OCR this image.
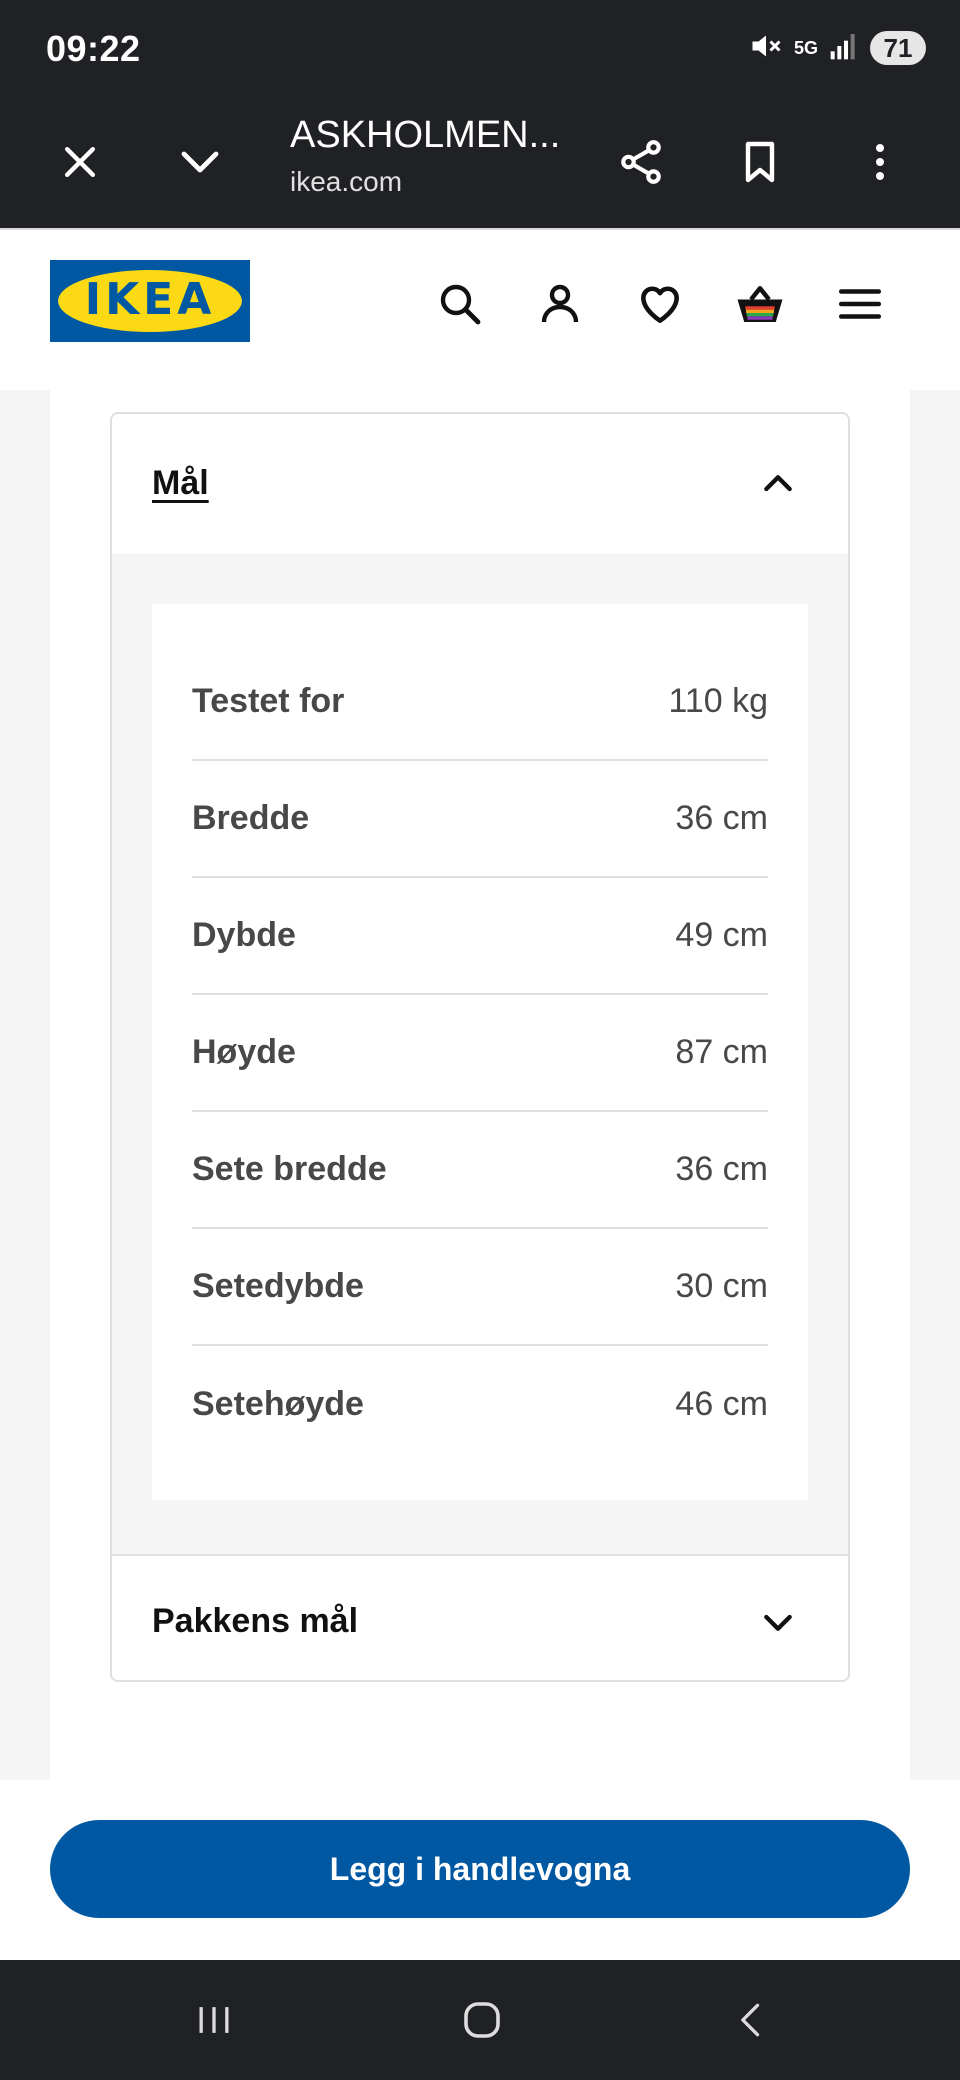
09:22	5G	71
ASKHOLMEN...
ikea.com
IKEA
Mål
Testet for	110 kg
Bredde	36 cm
Dybde	49 cm
Høyde	87 cm
Sete bredde	36 cm
Setedybde	30 cm
Setehøyde	46 cm
Pakkens mål
Legg i handlevogna
